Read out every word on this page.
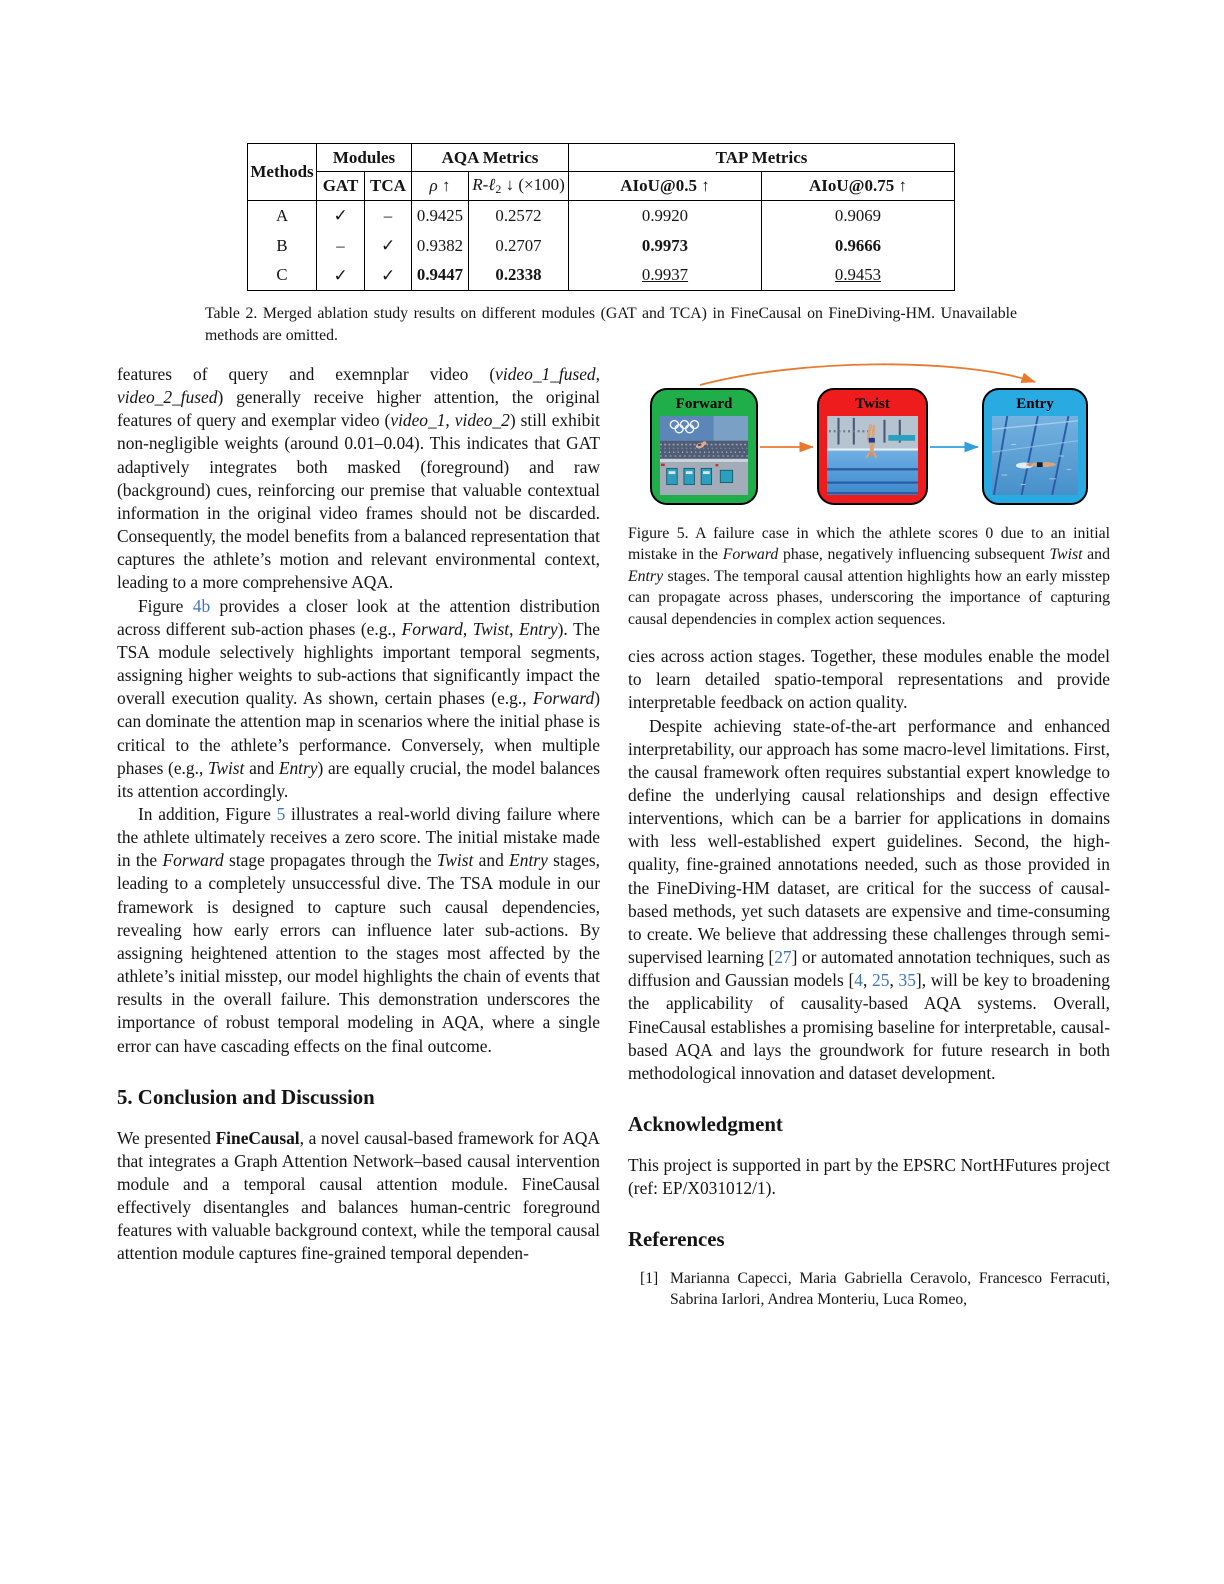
Methods	Modules		AQA Metrics		TAP Metrics	
	GAT	TCA	ρ ↑	R-ℓ2 ↓ (×100)	AIoU@0.5 ↑	AIoU@0.75 ↑
A	✓	–	0.9425	0.2572	0.9920	0.9069
B	–	✓	0.9382	0.2707	0.9973	0.9666
C	✓	✓	0.9447	0.2338	0.9937	0.9453
Table 2. Merged ablation study results on different modules (GAT and TCA) in FineCausal on FineDiving-HM. Unavailable methods are omitted.

features of query and exemnplar video (video_1_fused, video_2_fused) generally receive higher attention, the original features of query and exemplar video (video_1, video_2) still exhibit non-negligible weights (around 0.01–0.04). This indicates that GAT adaptively integrates both masked (foreground) and raw (background) cues, reinforcing our premise that valuable contextual information in the original video frames should not be discarded. Consequently, the model benefits from a balanced representation that captures the athlete’s motion and relevant environmental context, leading to a more comprehensive AQA.

Figure 4b provides a closer look at the attention distribution across different sub-action phases (e.g., Forward, Twist, Entry). The TSA module selectively highlights important temporal segments, assigning higher weights to sub-actions that significantly impact the overall execution quality. As shown, certain phases (e.g., Forward) can dominate the attention map in scenarios where the initial phase is critical to the athlete’s performance. Conversely, when multiple phases (e.g., Twist and Entry) are equally crucial, the model balances its attention accordingly.

In addition, Figure 5 illustrates a real-world diving failure where the athlete ultimately receives a zero score. The initial mistake made in the Forward stage propagates through the Twist and Entry stages, leading to a completely unsuccessful dive. The TSA module in our framework is designed to capture such causal dependencies, revealing how early errors can influence later sub-actions. By assigning heightened attention to the stages most affected by the athlete’s initial misstep, our model highlights the chain of events that results in the overall failure. This demonstration underscores the importance of robust temporal modeling in AQA, where a single error can have cascading effects on the final outcome.

5. Conclusion and Discussion

We presented FineCausal, a novel causal-based framework for AQA that integrates a Graph Attention Network–based causal intervention module and a temporal causal attention module. FineCausal effectively disentangles and balances human-centric foreground features with valuable background context, while the temporal causal attention module captures fine-grained temporal dependen-

Forward	Twist	Entry
Figure 5. A failure case in which the athlete scores 0 due to an initial mistake in the Forward phase, negatively influencing subsequent Twist and Entry stages. The temporal causal attention highlights how an early misstep can propagate across phases, underscoring the importance of capturing causal dependencies in complex action sequences.

cies across action stages. Together, these modules enable the model to learn detailed spatio-temporal representations and provide interpretable feedback on action quality.

Despite achieving state-of-the-art performance and enhanced interpretability, our approach has some macro-level limitations. First, the causal framework often requires substantial expert knowledge to define the underlying causal relationships and design effective interventions, which can be a barrier for applications in domains with less well-established expert guidelines. Second, the high-quality, fine-grained annotations needed, such as those provided in the FineDiving-HM dataset, are critical for the success of causal-based methods, yet such datasets are expensive and time-consuming to create. We believe that addressing these challenges through semi-supervised learning [27] or automated annotation techniques, such as diffusion and Gaussian models [4, 25, 35], will be key to broadening the applicability of causality-based AQA systems. Overall, FineCausal establishes a promising baseline for interpretable, causal-based AQA and lays the groundwork for future research in both methodological innovation and dataset development.

Acknowledgment

This project is supported in part by the EPSRC NortHFutures project (ref: EP/X031012/1).

References
[1] Marianna Capecci, Maria Gabriella Ceravolo, Francesco Ferracuti, Sabrina Iarlori, Andrea Monteriu, Luca Romeo,
